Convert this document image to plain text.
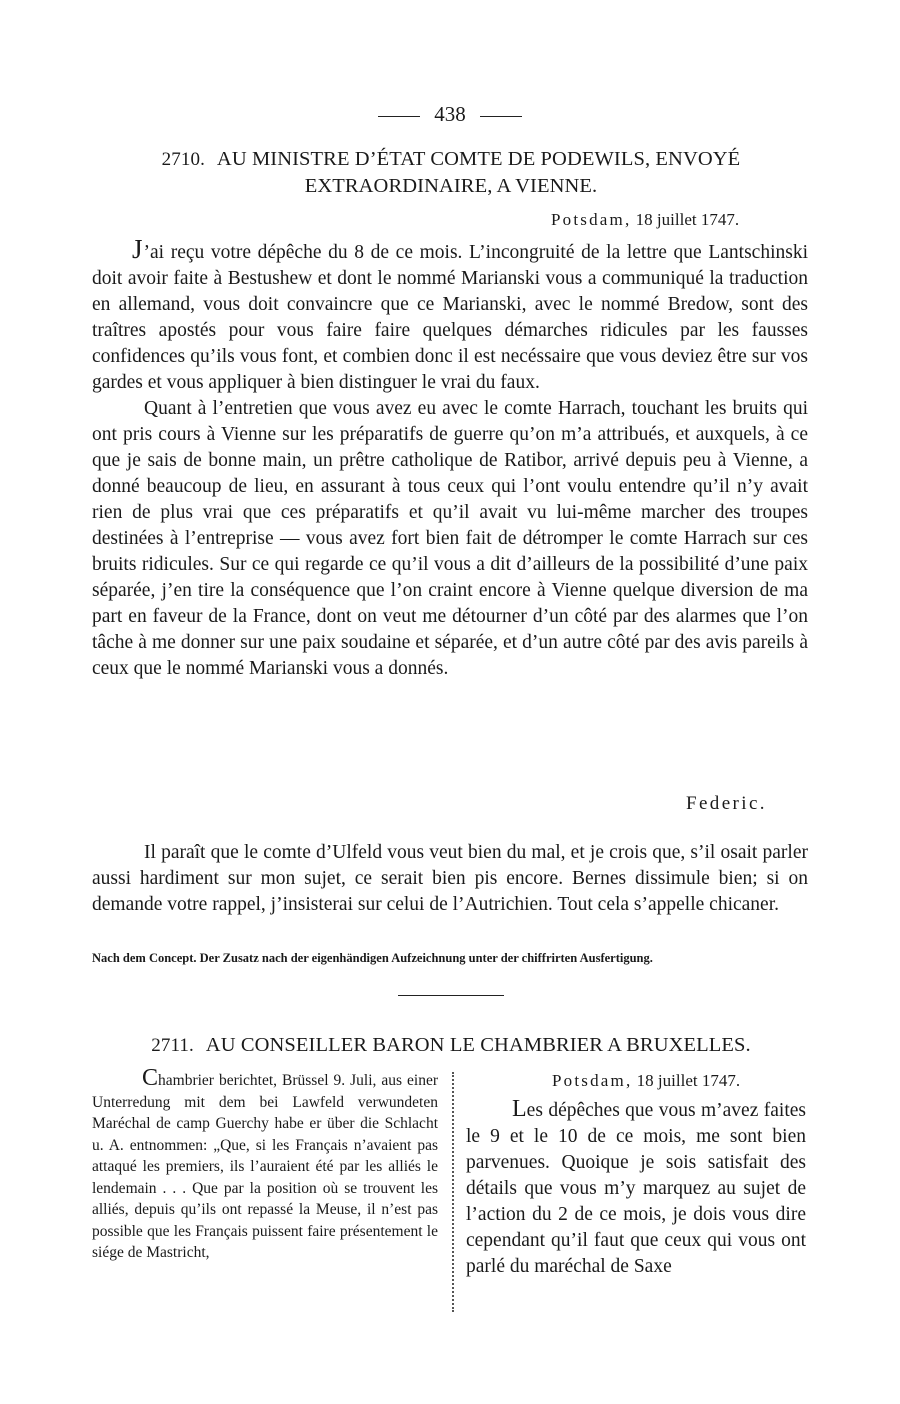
438
2710. AU MINISTRE D’ÉTAT COMTE DE PODEWILS, ENVOYÉ
EXTRAORDINAIRE, A VIENNE.
Potsdam, 18 juillet 1747.

J’ai reçu votre dépêche du 8 de ce mois. L’incongruité de la lettre que Lantschinski doit avoir faite à Bestushew et dont le nommé Marianski vous a communiqué la traduction en allemand, vous doit convaincre que ce Marianski, avec le nommé Bredow, sont des traîtres apostés pour vous faire faire quelques démarches ridicules par les fausses confidences qu’ils vous font, et combien donc il est necéssaire que vous deviez être sur vos gardes et vous appliquer à bien distinguer le vrai du faux.

Quant à l’entretien que vous avez eu avec le comte Harrach, touchant les bruits qui ont pris cours à Vienne sur les préparatifs de guerre qu’on m’a attribués, et auxquels, à ce que je sais de bonne main, un prêtre catholique de Ratibor, arrivé depuis peu à Vienne, a donné beaucoup de lieu, en assurant à tous ceux qui l’ont voulu entendre qu’il n’y avait rien de plus vrai que ces préparatifs et qu’il avait vu lui-même marcher des troupes destinées à l’entreprise — vous avez fort bien fait de détromper le comte Harrach sur ces bruits ridicules. Sur ce qui regarde ce qu’il vous a dit d’ailleurs de la possibilité d’une paix séparée, j’en tire la conséquence que l’on craint encore à Vienne quelque diversion de ma part en faveur de la France, dont on veut me détourner d’un côté par des alarmes que l’on tâche à me donner sur une paix soudaine et séparée, et d’un autre côté par des avis pareils à ceux que le nommé Marianski vous a donnés.

Federic.

Il paraît que le comte d’Ulfeld vous veut bien du mal, et je crois que, s’il osait parler aussi hardiment sur mon sujet, ce serait bien pis encore. Bernes dissimule bien; si on demande votre rappel, j’insisterai sur celui de l’Autrichien. Tout cela s’appelle chicaner.

Nach dem Concept. Der Zusatz nach der eigenhändigen Aufzeichnung unter der chiffrirten Ausfertigung.
2711. AU CONSEILLER BARON LE CHAMBRIER A BRUXELLES.

Chambrier berichtet, Brüssel 9. Juli, aus einer Unterredung mit dem bei Lawfeld verwundeten Maréchal de camp Guerchy habe er über die Schlacht u. A. entnommen: „Que, si les Français n’avaient pas attaqué les premiers, ils l’auraient été par les alliés le lendemain . . . Que par la position où se trouvent les alliés, depuis qu’ils ont repassé la Meuse, il n’est pas possible que les Français puissent faire présentement le siége de Mastricht,

Potsdam, 18 juillet 1747.

Les dépêches que vous m’avez faites le 9 et le 10 de ce mois, me sont bien parvenues. Quoique je sois satisfait des détails que vous m’y marquez au sujet de l’action du 2 de ce mois, je dois vous dire cependant qu’il faut que ceux qui vous ont parlé du maréchal de Saxe
